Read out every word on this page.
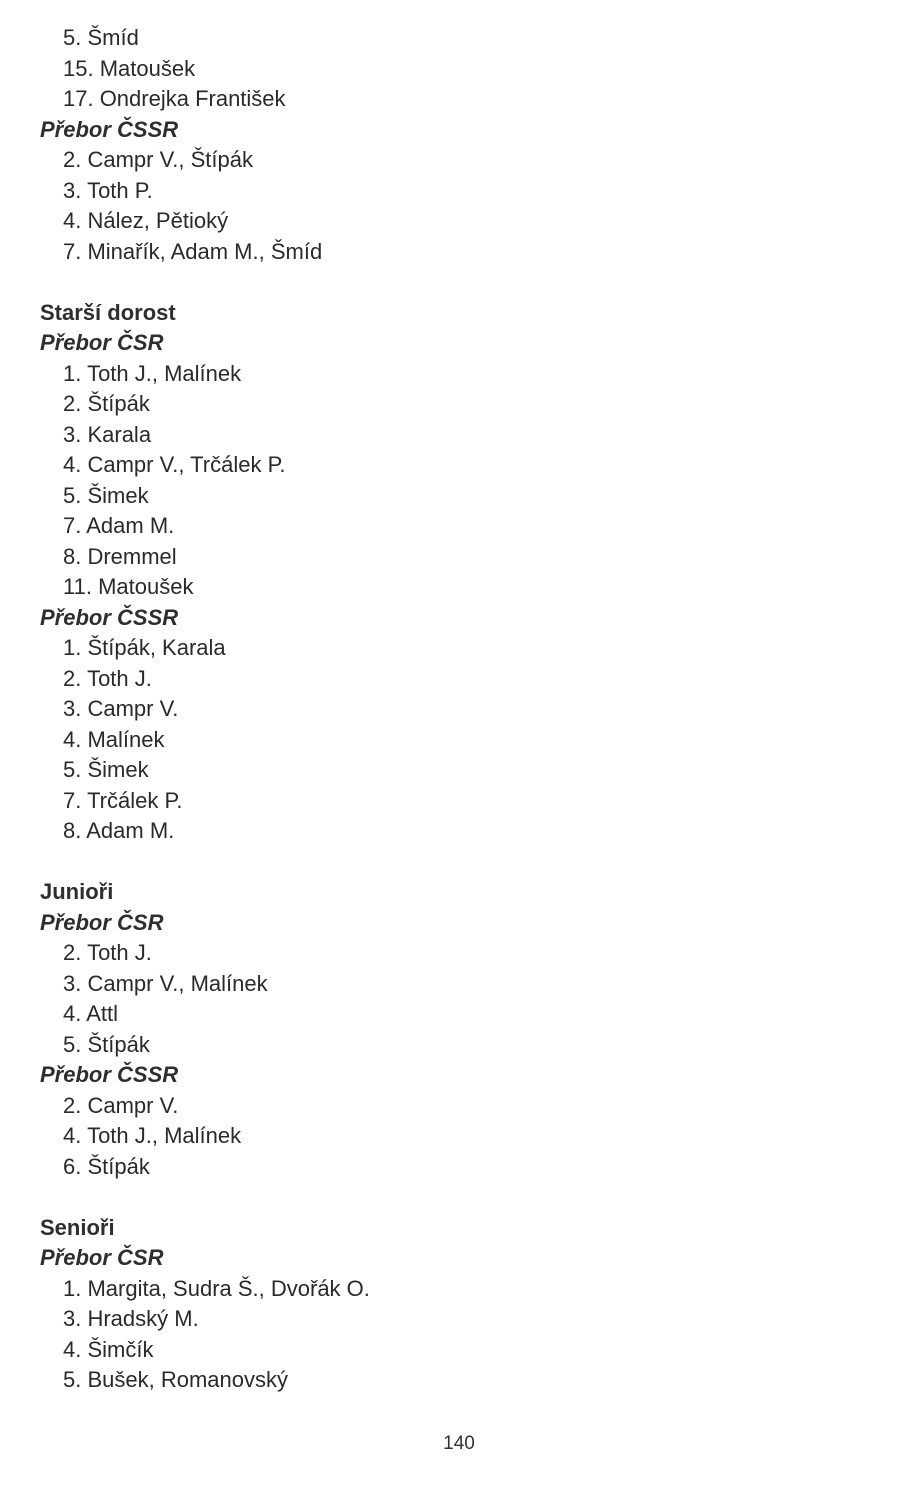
5. Šmíd
15. Matoušek
17. Ondrejka František
Přebor ČSSR
2. Campr V., Štípák
3. Toth P.
4. Nález, Pětioký
7. Minařík, Adam M., Šmíd
Starší dorost
Přebor ČSR
1. Toth J., Malínek
2. Štípák
3. Karala
4. Campr V., Trčálek P.
5. Šimek
7. Adam M.
8. Dremmel
11. Matoušek
Přebor ČSSR
1. Štípák, Karala
2. Toth J.
3. Campr V.
4. Malínek
5. Šimek
7. Trčálek P.
8. Adam M.
Junioři
Přebor ČSR
2. Toth J.
3. Campr V., Malínek
4. Attl
5. Štípák
Přebor ČSSR
2. Campr V.
4. Toth J., Malínek
6. Štípák
Senioři
Přebor ČSR
1. Margita, Sudra Š., Dvořák O.
3. Hradský M.
4. Šimčík
5. Bušek, Romanovský
140
